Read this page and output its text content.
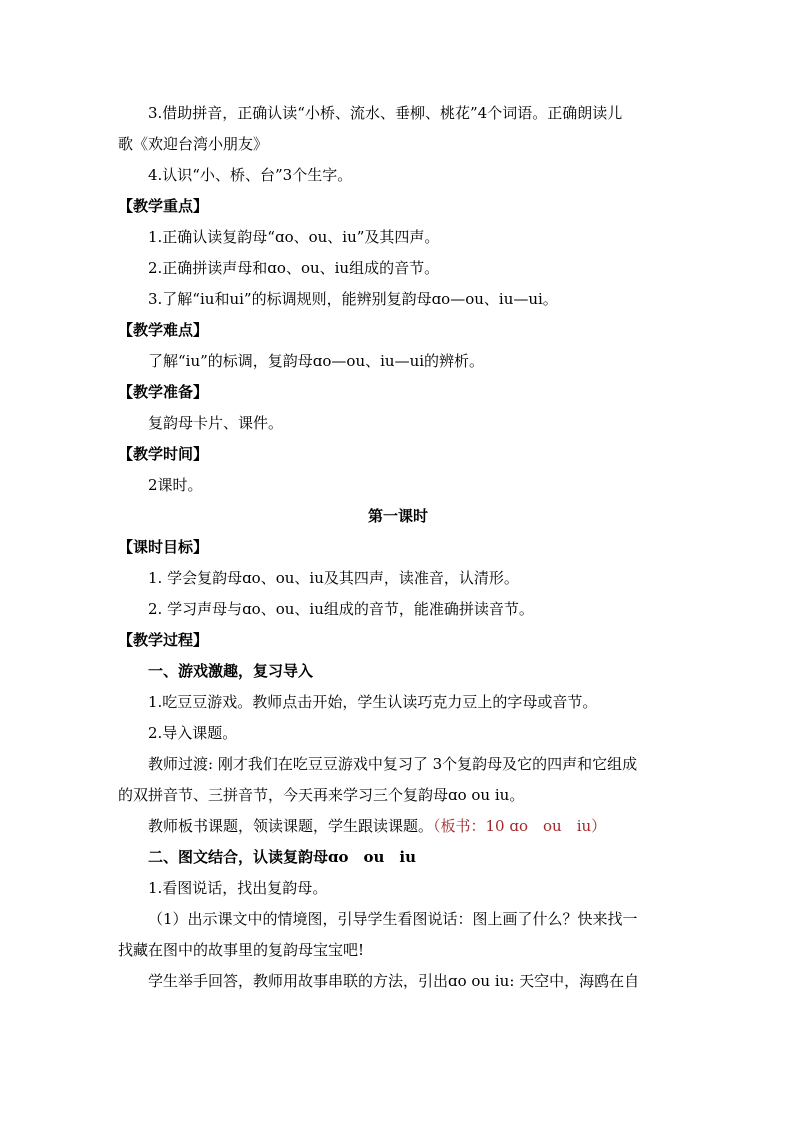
3.借助拼音，正确认读“小桥、流水、垂柳、桃花”4个词语。正确朗读儿
歌《欢迎台湾小朋友》
4.认识“小、桥、台”3个生字。
【教学重点】
1.正确认读复韵母“ɑo、ou、iu”及其四声。
2.正确拼读声母和ɑo、ou、iu组成的音节。
3.了解“iu和ui”的标调规则，能辨别复韵母ɑo—ou、iu—ui。
【教学难点】
了解“iu”的标调，复韵母ɑo—ou、iu—ui的辨析。
【教学准备】
复韵母卡片、课件。
【教学时间】
2课时。
第一课时
【课时目标】
1. 学会复韵母ɑo、ou、iu及其四声，读准音，认清形。
2. 学习声母与ɑo、ou、iu组成的音节，能准确拼读音节。
【教学过程】
一、游戏激趣，复习导入
1.吃豆豆游戏。教师点击开始，学生认读巧克力豆上的字母或音节。
2.导入课题。
教师过渡: 刚才我们在吃豆豆游戏中复习了 3个复韵母及它的四声和它组成
的双拼音节、三拼音节，今天再来学习三个复韵母ɑo ou iu。
教师板书课题，领读课题，学生跟读课题。（板书：10 ɑo　ou　iu）
二、图文结合，认读复韵母ɑo　ou　iu
1.看图说话，找出复韵母。
（1）出示课文中的情境图，引导学生看图说话：图上画了什么？快来找一
找藏在图中的故事里的复韵母宝宝吧!
学生举手回答，教师用故事串联的方法，引出ɑo ou iu: 天空中，海鸥在自
